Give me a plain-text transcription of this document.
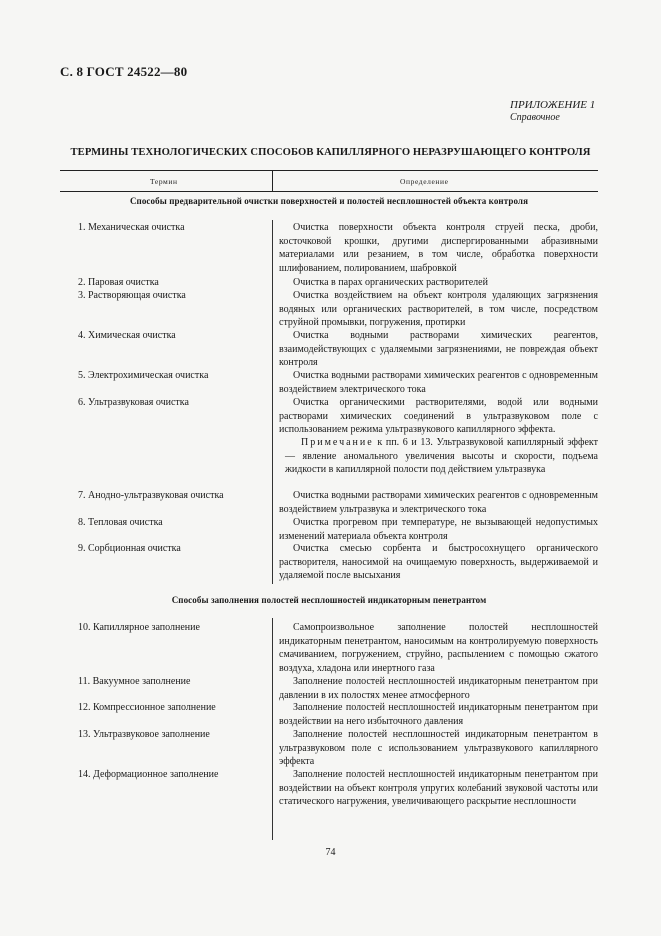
С. 8 ГОСТ 24522—80
ПРИЛОЖЕНИЕ 1
Справочное
ТЕРМИНЫ ТЕХНОЛОГИЧЕСКИХ СПОСОБОВ КАПИЛЛЯРНОГО НЕРАЗРУШАЮЩЕГО КОНТРОЛЯ
Термин	Определение
Способы предварительной очистки поверхностей и полостей несплошностей объекта контроля
1. Механическая очистка	Очистка поверхности объекта контроля струей песка, дроби, косточковой крошки, другими диспергированными абразивными материалами или резанием, в том числе, обработка поверхности шлифованием, полированием, шабровкой
2. Паровая очистка	Очистка в парах органических растворителей
3. Растворяющая очистка	Очистка воздействием на объект контроля удаляющих загрязнения водяных или органических растворителей, в том числе, посредством струйной промывки, погружения, протирки
4. Химическая очистка	Очистка водными растворами химических реагентов, взаимодействующих с удаляемыми загрязнениями, не повреждая объект контроля
5. Электрохимическая очистка	Очистка водными растворами химических реагентов с одновременным воздействием электрического тока
6. Ультразвуковая очистка	Очистка органическими растворителями, водой или водными растворами химических соединений в ультразвуковом поле с использованием режима ультразвукового капиллярного эффекта.
Примечание к пп. 6 и 13. Ультразвуковой капиллярный эффект — явление аномального увеличения высоты и скорости, подъема жидкости в капиллярной полости под действием ультразвука
7. Анодно-ультразвуковая очистка	Очистка водными растворами химических реагентов с одновременным воздействием ультразвука и электрического тока
8. Тепловая очистка	Очистка прогревом при температуре, не вызывающей недопустимых изменений материала объекта контроля
9. Сорбционная очистка	Очистка смесью сорбента и быстросохнущего органического растворителя, наносимой на очищаемую поверхность, выдерживаемой и удаляемой после высыхания
Способы заполнения полостей несплошностей индикаторным пенетрантом
10. Капиллярное заполнение	Самопроизвольное заполнение полостей несплошностей индикаторным пенетрантом, наносимым на контролируемую поверхность смачиванием, погружением, струйно, распылением с помощью сжатого воздуха, хладона или инертного газа
11. Вакуумное заполнение	Заполнение полостей несплошностей индикаторным пенетрантом при давлении в их полостях менее атмосферного
12. Компрессионное заполнение	Заполнение полостей несплошностей индикаторным пенетрантом при воздействии на него избыточного давления
13. Ультразвуковое заполнение	Заполнение полостей несплошностей индикаторным пенетрантом в ультразвуковом поле с использованием ультразвукового капиллярного эффекта
14. Деформационное заполнение	Заполнение полостей несплошностей индикаторным пенетрантом при воздействии на объект контроля упругих колебаний звуковой частоты или статического нагружения, увеличивающего раскрытие несплошности
74
